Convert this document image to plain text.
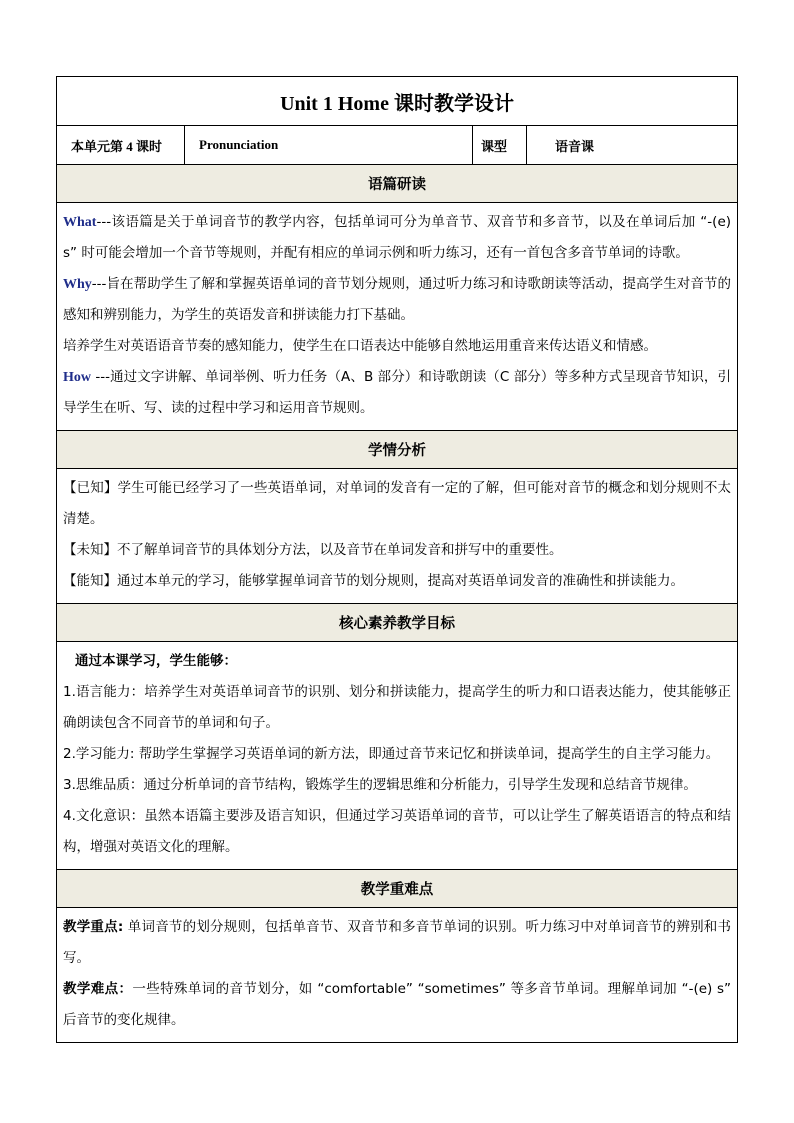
Unit 1 Home 课时教学设计
本单元第 4 课时	Pronunciation	课型	语音课
语篇研读

What---该语篇是关于单词音节的教学内容，包括单词可分为单音节、双音节和多音节，以及在单词后加 “-(e) s” 时可能会增加一个音节等规则，并配有相应的单词示例和听力练习，还有一首包含多音节单词的诗歌。

Why---旨在帮助学生了解和掌握英语单词的音节划分规则，通过听力练习和诗歌朗读等活动，提高学生对音节的感知和辨别能力，为学生的英语发音和拼读能力打下基础。

培养学生对英语语音节奏的感知能力，使学生在口语表达中能够自然地运用重音来传达语义和情感。

How ---通过文字讲解、单词举例、听力任务（A、B 部分）和诗歌朗读（C 部分）等多种方式呈现音节知识，引导学生在听、写、读的过程中学习和运用音节规则。

学情分析

【已知】学生可能已经学习了一些英语单词，对单词的发音有一定的了解，但可能对音节的概念和划分规则不太清楚。

【未知】不了解单词音节的具体划分方法，以及音节在单词发音和拼写中的重要性。

【能知】通过本单元的学习，能够掌握单词音节的划分规则，提高对英语单词发音的准确性和拼读能力。

核心素养教学目标

通过本课学习，学生能够：

1.语言能力：培养学生对英语单词音节的识别、划分和拼读能力，提高学生的听力和口语表达能力，使其能够正确朗读包含不同音节的单词和句子。

2.学习能力: 帮助学生掌握学习英语单词的新方法，即通过音节来记忆和拼读单词，提高学生的自主学习能力。

3.思维品质：通过分析单词的音节结构，锻炼学生的逻辑思维和分析能力，引导学生发现和总结音节规律。

4.文化意识：虽然本语篇主要涉及语言知识，但通过学习英语单词的音节，可以让学生了解英语语言的特点和结构，增强对英语文化的理解。

教学重难点

教学重点: 单词音节的划分规则，包括单音节、双音节和多音节单词的识别。听力练习中对单词音节的辨别和书写。

教学难点：一些特殊单词的音节划分，如 “comfortable” “sometimes” 等多音节单词。理解单词加 “-(e) s” 后音节的变化规律。
